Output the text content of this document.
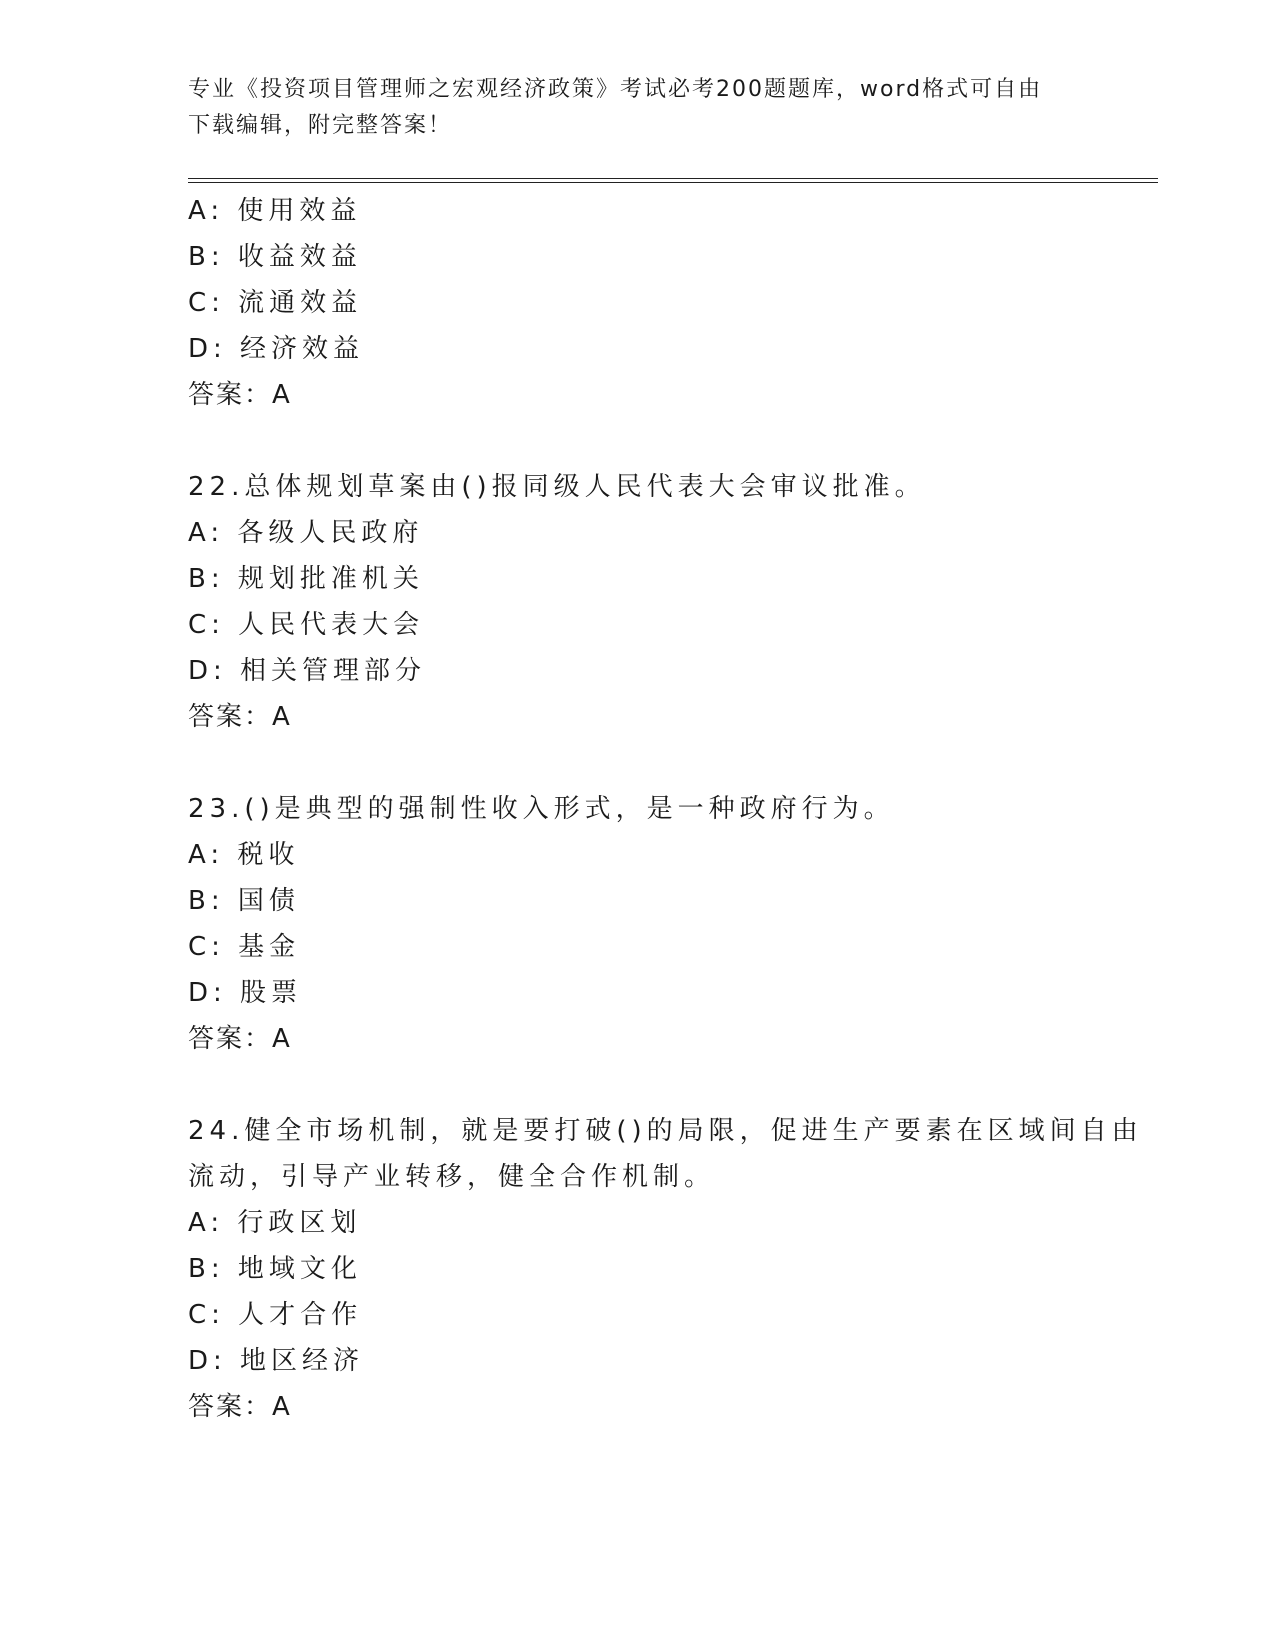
专业《投资项目管理师之宏观经济政策》考试必考200题题库，word格式可自由
下载编辑，附完整答案！
A: 使用效益
B: 收益效益
C: 流通效益
D: 经济效益
答案：A
22.总体规划草案由()报同级人民代表大会审议批准。
A: 各级人民政府
B: 规划批准机关
C: 人民代表大会
D: 相关管理部分
答案：A
23.()是典型的强制性收入形式，是一种政府行为。
A: 税收
B: 国债
C: 基金
D: 股票
答案：A
24.健全市场机制，就是要打破()的局限，促进生产要素在区域间自由
流动，引导产业转移，健全合作机制。
A: 行政区划
B: 地域文化
C: 人才合作
D: 地区经济
答案：A
